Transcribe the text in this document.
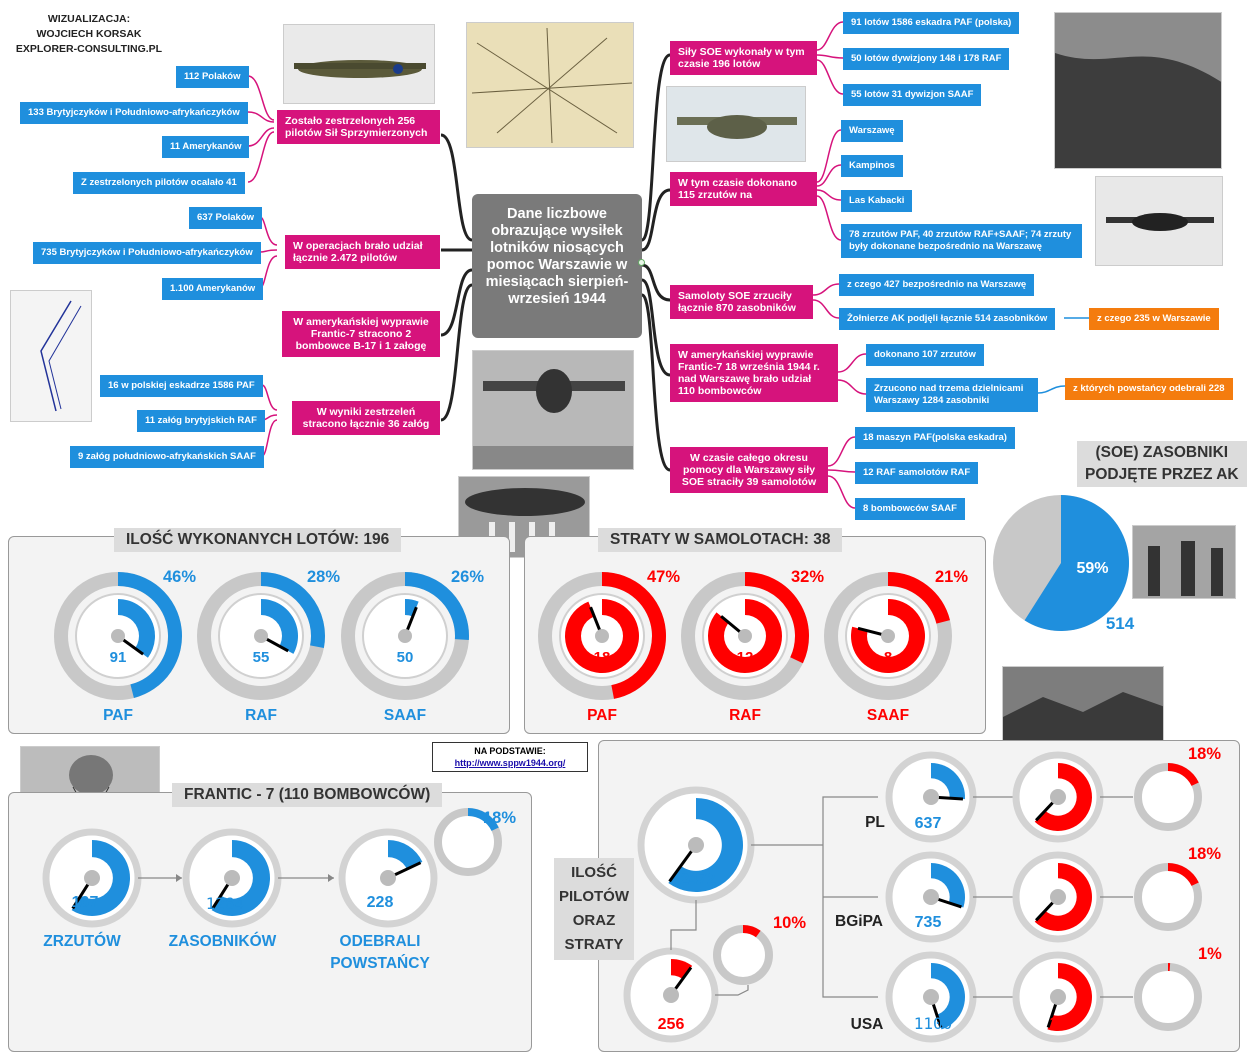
WIZUALIZACJA:
WOJCIECH KORSAK
EXPLORER-CONSULTING.PL
Dane liczbowe obrazujące wysiłek lotników niosących pomoc Warszawie w miesiącach sierpień-wrzesień 1944
Zostało zestrzelonych 256 pilotów Sił Sprzymierzonych
112 Polaków
133 Brytyjczyków i Południowo-afrykańczyków
11 Amerykanów
Z zestrzelonych pilotów ocalało 41
W operacjach brało udział łącznie 2.472 pilotów
637 Polaków
735 Brytyjczyków i Południowo-afrykańczyków
1.100 Amerykanów
W amerykańskiej wyprawie Frantic-7 stracono 2 bombowce B-17 i 1 załogę
W wyniki zestrzeleń stracono łącznie 36 załóg
16 w polskiej eskadrze 1586 PAF
11 załóg brytyjskich RAF
9 załóg południowo-afrykańskich SAAF
Siły SOE wykonały w tym czasie 196 lotów
91 lotów 1586 eskadra PAF (polska)
50 lotów dywizjony 148 i 178 RAF
55 lotów 31 dywizjon SAAF
W tym czasie dokonano 115 zrzutów na
Warszawę
Kampinos
Las Kabacki
78 zrzutów PAF, 40 zrzutów RAF+SAAF; 74 zrzuty były dokonane bezpośrednio na Warszawę
Samoloty SOE zrzuciły łącznie 870 zasobników
z czego 427 bezpośrednio na Warszawę
Żołnierze AK podjęli łącznie 514 zasobników	z czego 235 w Warszawie
W amerykańskiej wyprawie Frantic-7 18 września 1944 r. nad Warszawę brało udział 110 bombowców
dokonano 107 zrzutów
Zrzucono nad trzema dzielnicami Warszawy 1284 zasobniki
z których powstańcy odebrali 228
W czasie całego okresu pomocy dla Warszawy siły SOE straciły 39 samolotów
18 maszyn PAF(polska eskadra)
12 RAF samolotów RAF
8 bombowców SAAF
ILOŚĆ WYKONANYCH LOTÓW: 196
46%	28%	26%
91	55	50
PAF	RAF	SAAF
STRATY W SAMOLOTACH: 38
47%	32%	21%
18	12	8
PAF	RAF	SAAF
(SOE) ZASOBNIKI
PODJĘTE PRZEZ AK
59%
514
NA PODSTAWIE:
http://www.sppw1944.org/
FRANTIC - 7 (110 BOMBOWCÓW)
107	1284	228
ZRZUTÓW	ZASOBNIKÓW	ODEBRALI
POWSTAŃCY
18%
ILOŚĆ
PILOTÓW
ORAZ
STRATY
2472
256
10%
PL
BGiPA
USA
637
735
1100
112
133
11
18%
18%
1%
